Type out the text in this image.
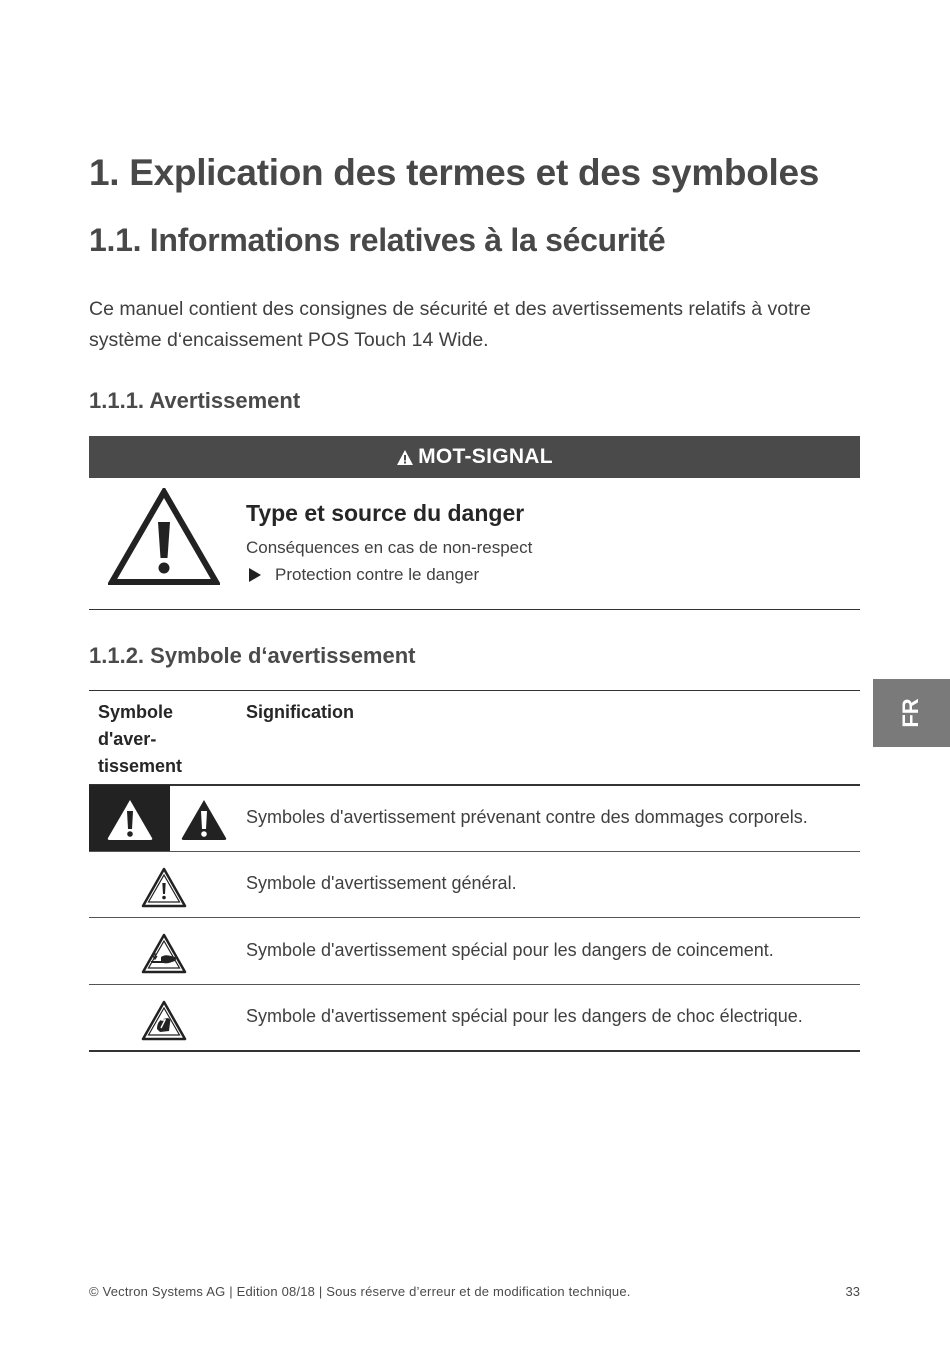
1. Explication des termes et des symboles
1.1. Informations relatives à la sécurité

Ce manuel contient des consignes de sécurité et des avertissements relatifs à votre système d‘encaissement POS Touch 14 Wide.

1.1.1. Avertissement
MOT-SIGNAL
Type et source du danger
Conséquences en cas de non-respect
Protection contre le danger
1.1.2. Symbole d‘avertissement
Symbole d'aver-tissement
Signification
Symboles d'avertissement prévenant contre des dommages corporels.
Symbole d'avertissement général.
Symbole d'avertissement spécial pour les dangers de coincement.
Symbole d'avertissement spécial pour les dangers de choc électrique.
FR
© Vectron Systems AG | Edition 08/18 | Sous réserve d’erreur et de modification technique.	33
